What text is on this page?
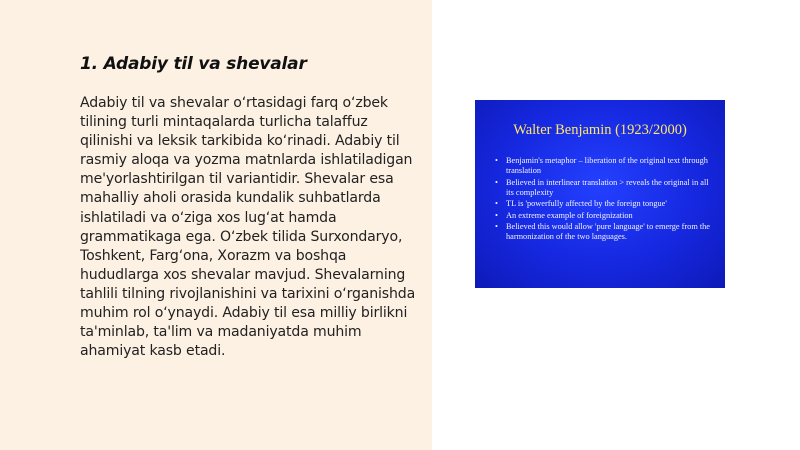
1. Adabiy til va shevalar

Adabiy til va shevalar o‘rtasidagi farq o‘zbek tilining turli mintaqalarda turlicha talaffuz qilinishi va leksik tarkibida ko‘rinadi. Adabiy til rasmiy aloqa va yozma matnlarda ishlatiladigan me'yorlashtirilgan til variantidir. Shevalar esa mahalliy aholi orasida kundalik suhbatlarda ishlatiladi va o‘ziga xos lug‘at hamda grammatikaga ega. O‘zbek tilida Surxondaryo, Toshkent, Farg‘ona, Xorazm va boshqa hududlarga xos shevalar mavjud. Shevalarning tahlili tilning rivojlanishini va tarixini o‘rganishda muhim rol o‘ynaydi. Adabiy til esa milliy birlikni ta'minlab, ta'lim va madaniyatda muhim ahamiyat kasb etadi.

Walter Benjamin (1923/2000)
• Benjamin's metaphor – liberation of the original text through translation
• Believed in interlinear translation > reveals the original in all its complexity
• TL is 'powerfully affected by the foreign tongue'
• An extreme example of foreignization
• Believed this would allow 'pure language' to emerge from the harmonization of the two languages.
